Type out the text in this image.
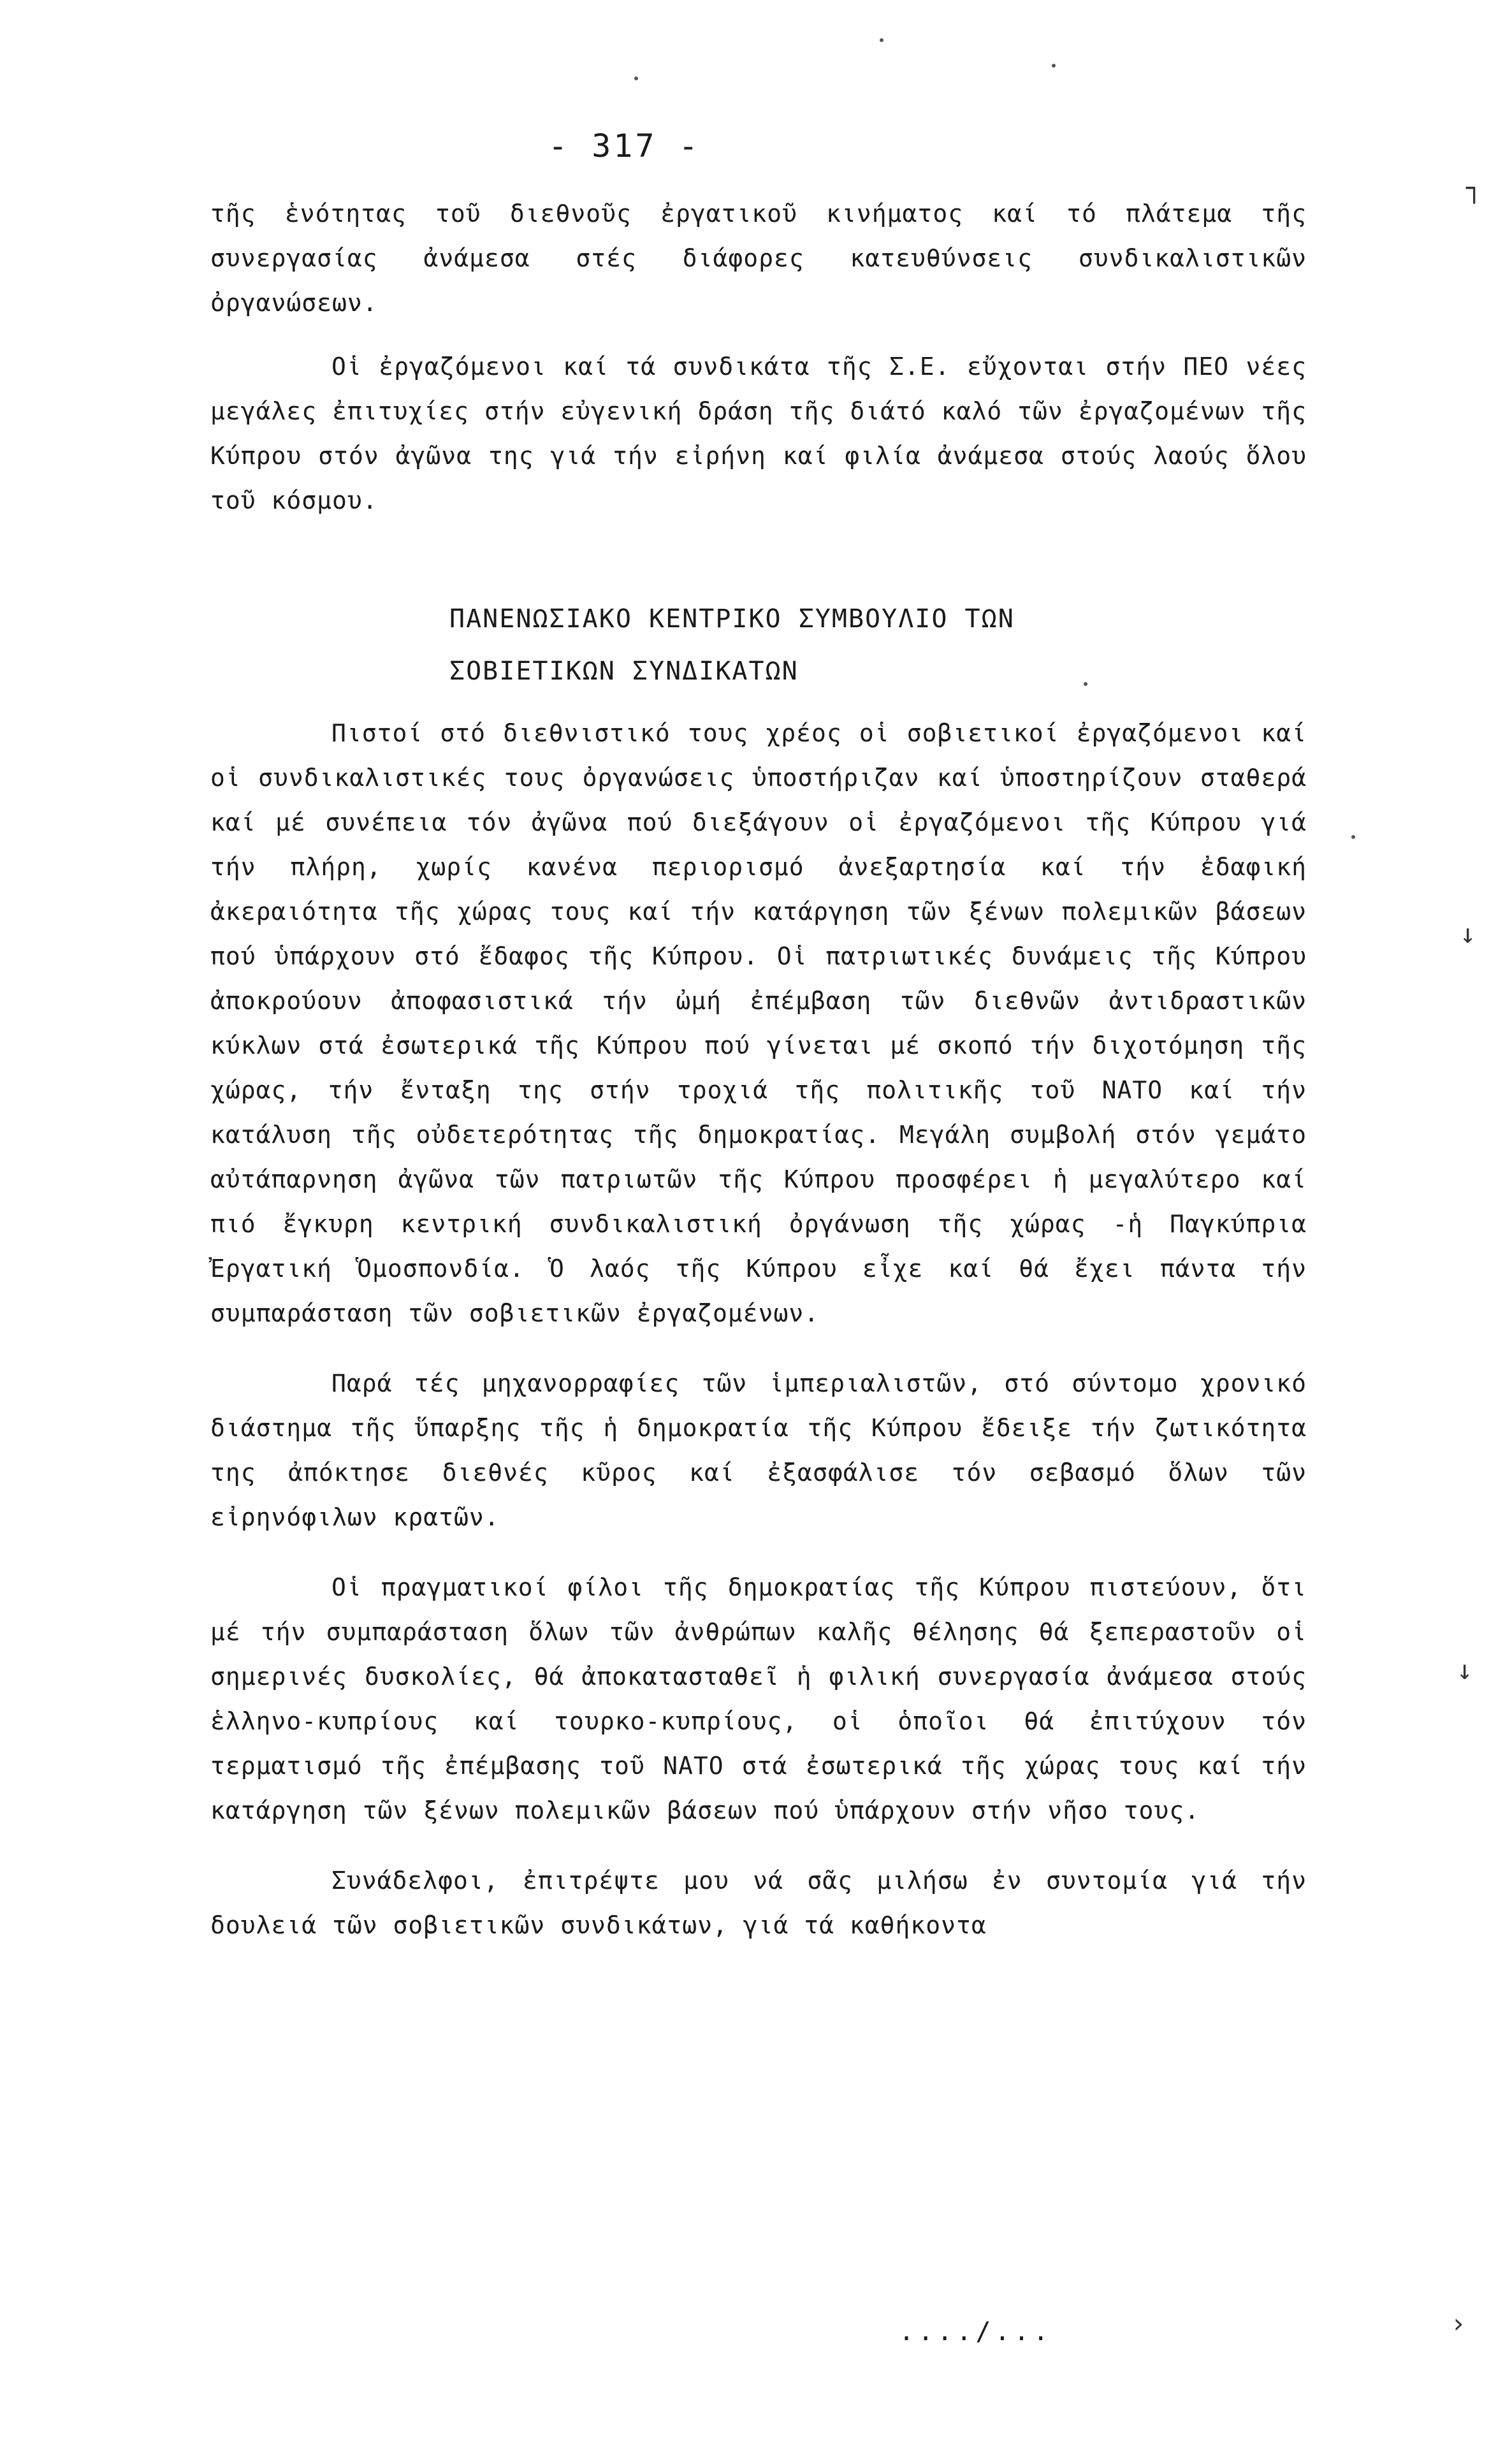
- 317 -

τῆς ἑνότητας τοῦ διεθνοῦς ἐργατικοῦ κινήματος καί τό πλάτεμα τῆς συνεργασίας ἀνάμεσα στές διάφορες κατευθύνσεις συνδικαλιστικῶν ὀργανώσεων.

Οἱ ἐργαζόμενοι καί τά συνδικάτα τῆς Σ.Ε. εὔχονται στήν ΠΕΟ νέες μεγάλες ἐπιτυχίες στήν εὐγενική δράση τῆς διάτό καλό τῶν ἐργαζομένων τῆς Κύπρου στόν ἀγῶνα της γιά τήν εἰρήνη καί φιλία ἀνάμεσα στούς λαούς ὅλου τοῦ κόσμου.

ΠΑΝΕΝΩΣΙΑΚΟ ΚΕΝΤΡΙΚΟ ΣΥΜΒΟΥΛΙΟ ΤΩΝ
ΣΟΒΙΕΤΙΚΩΝ ΣΥΝΔΙΚΑΤΩΝ

Πιστοί στό διεθνιστικό τους χρέος οἱ σοβιετικοί ἐργαζόμενοι καί οἱ συνδικαλιστικές τους ὀργανώσεις ὑποστήριζαν καί ὑποστηρίζουν σταθερά καί μέ συνέπεια τόν ἀγῶνα πού διεξάγουν οἱ ἐργαζόμενοι τῆς Κύπρου γιά τήν πλήρη, χωρίς κανένα περιορισμό ἀνεξαρτησία καί τήν ἐδαφική ἀκεραιότητα τῆς χώρας τους καί τήν κατάργηση τῶν ξένων πολεμικῶν βάσεων πού ὑπάρχουν στό ἔδαφος τῆς Κύπρου. Οἱ πατριωτικές δυνάμεις τῆς Κύπρου ἀποκρούουν ἀποφασιστικά τήν ὠμή ἐπέμβαση τῶν διεθνῶν ἀντιδραστικῶν κύκλων στά ἐσωτερικά τῆς Κύπρου πού γίνεται μέ σκοπό τήν διχοτόμηση τῆς χώρας, τήν ἔνταξη της στήν τροχιά τῆς πολιτικῆς τοῦ ΝΑΤΟ καί τήν κατάλυση τῆς οὐδετερότητας τῆς δημοκρατίας. Μεγάλη συμβολή στόν γεμάτο αὐτάπαρνηση ἀγῶνα τῶν πατριωτῶν τῆς Κύπρου προσφέρει ἡ μεγαλύτερο καί πιό ἔγκυρη κεντρική συνδικαλιστική ὀργάνωση τῆς χώρας -ἡ Παγκύπρια Ἐργατική Ὁμοσπονδία. Ὁ λαός τῆς Κύπρου εἶχε καί θά ἔχει πάντα τήν συμπαράσταση τῶν σοβιετικῶν ἐργαζομένων.

Παρά τές μηχανορραφίες τῶν ἱμπεριαλιστῶν, στό σύντομο χρονικό διάστημα τῆς ὕπαρξης τῆς ἡ δημοκρατία τῆς Κύπρου ἔδειξε τήν ζωτικότητα της ἀπόκτησε διεθνές κῦρος καί ἐξασφάλισε τόν σεβασμό ὅλων τῶν εἰρηνόφιλων κρατῶν.

Οἱ πραγματικοί φίλοι τῆς δημοκρατίας τῆς Κύπρου πιστεύουν, ὅτι μέ τήν συμπαράσταση ὅλων τῶν ἀνθρώπων καλῆς θέλησης θά ξεπεραστοῦν οἱ σημερινές δυσκολίες, θά ἀποκατασταθεῖ ἡ φιλική συνεργασία ἀνάμεσα στούς ἑλληνο-κυπρίους καί τουρκο-κυπρίους, οἱ ὁποῖοι θά ἐπιτύχουν τόν τερματισμό τῆς ἐπέμβασης τοῦ ΝΑΤΟ στά ἐσωτερικά τῆς χώρας τους καί τήν κατάργηση τῶν ξένων πολεμικῶν βάσεων πού ὑπάρχουν στήν νῆσο τους.

Συνάδελφοι, ἐπιτρέψτε μου νά σᾶς μιλήσω ἐν συντομία γιά τήν δουλειά τῶν σοβιετικῶν συνδικάτων, γιά τά καθήκοντα

..../...
┐
↓
↓
›
